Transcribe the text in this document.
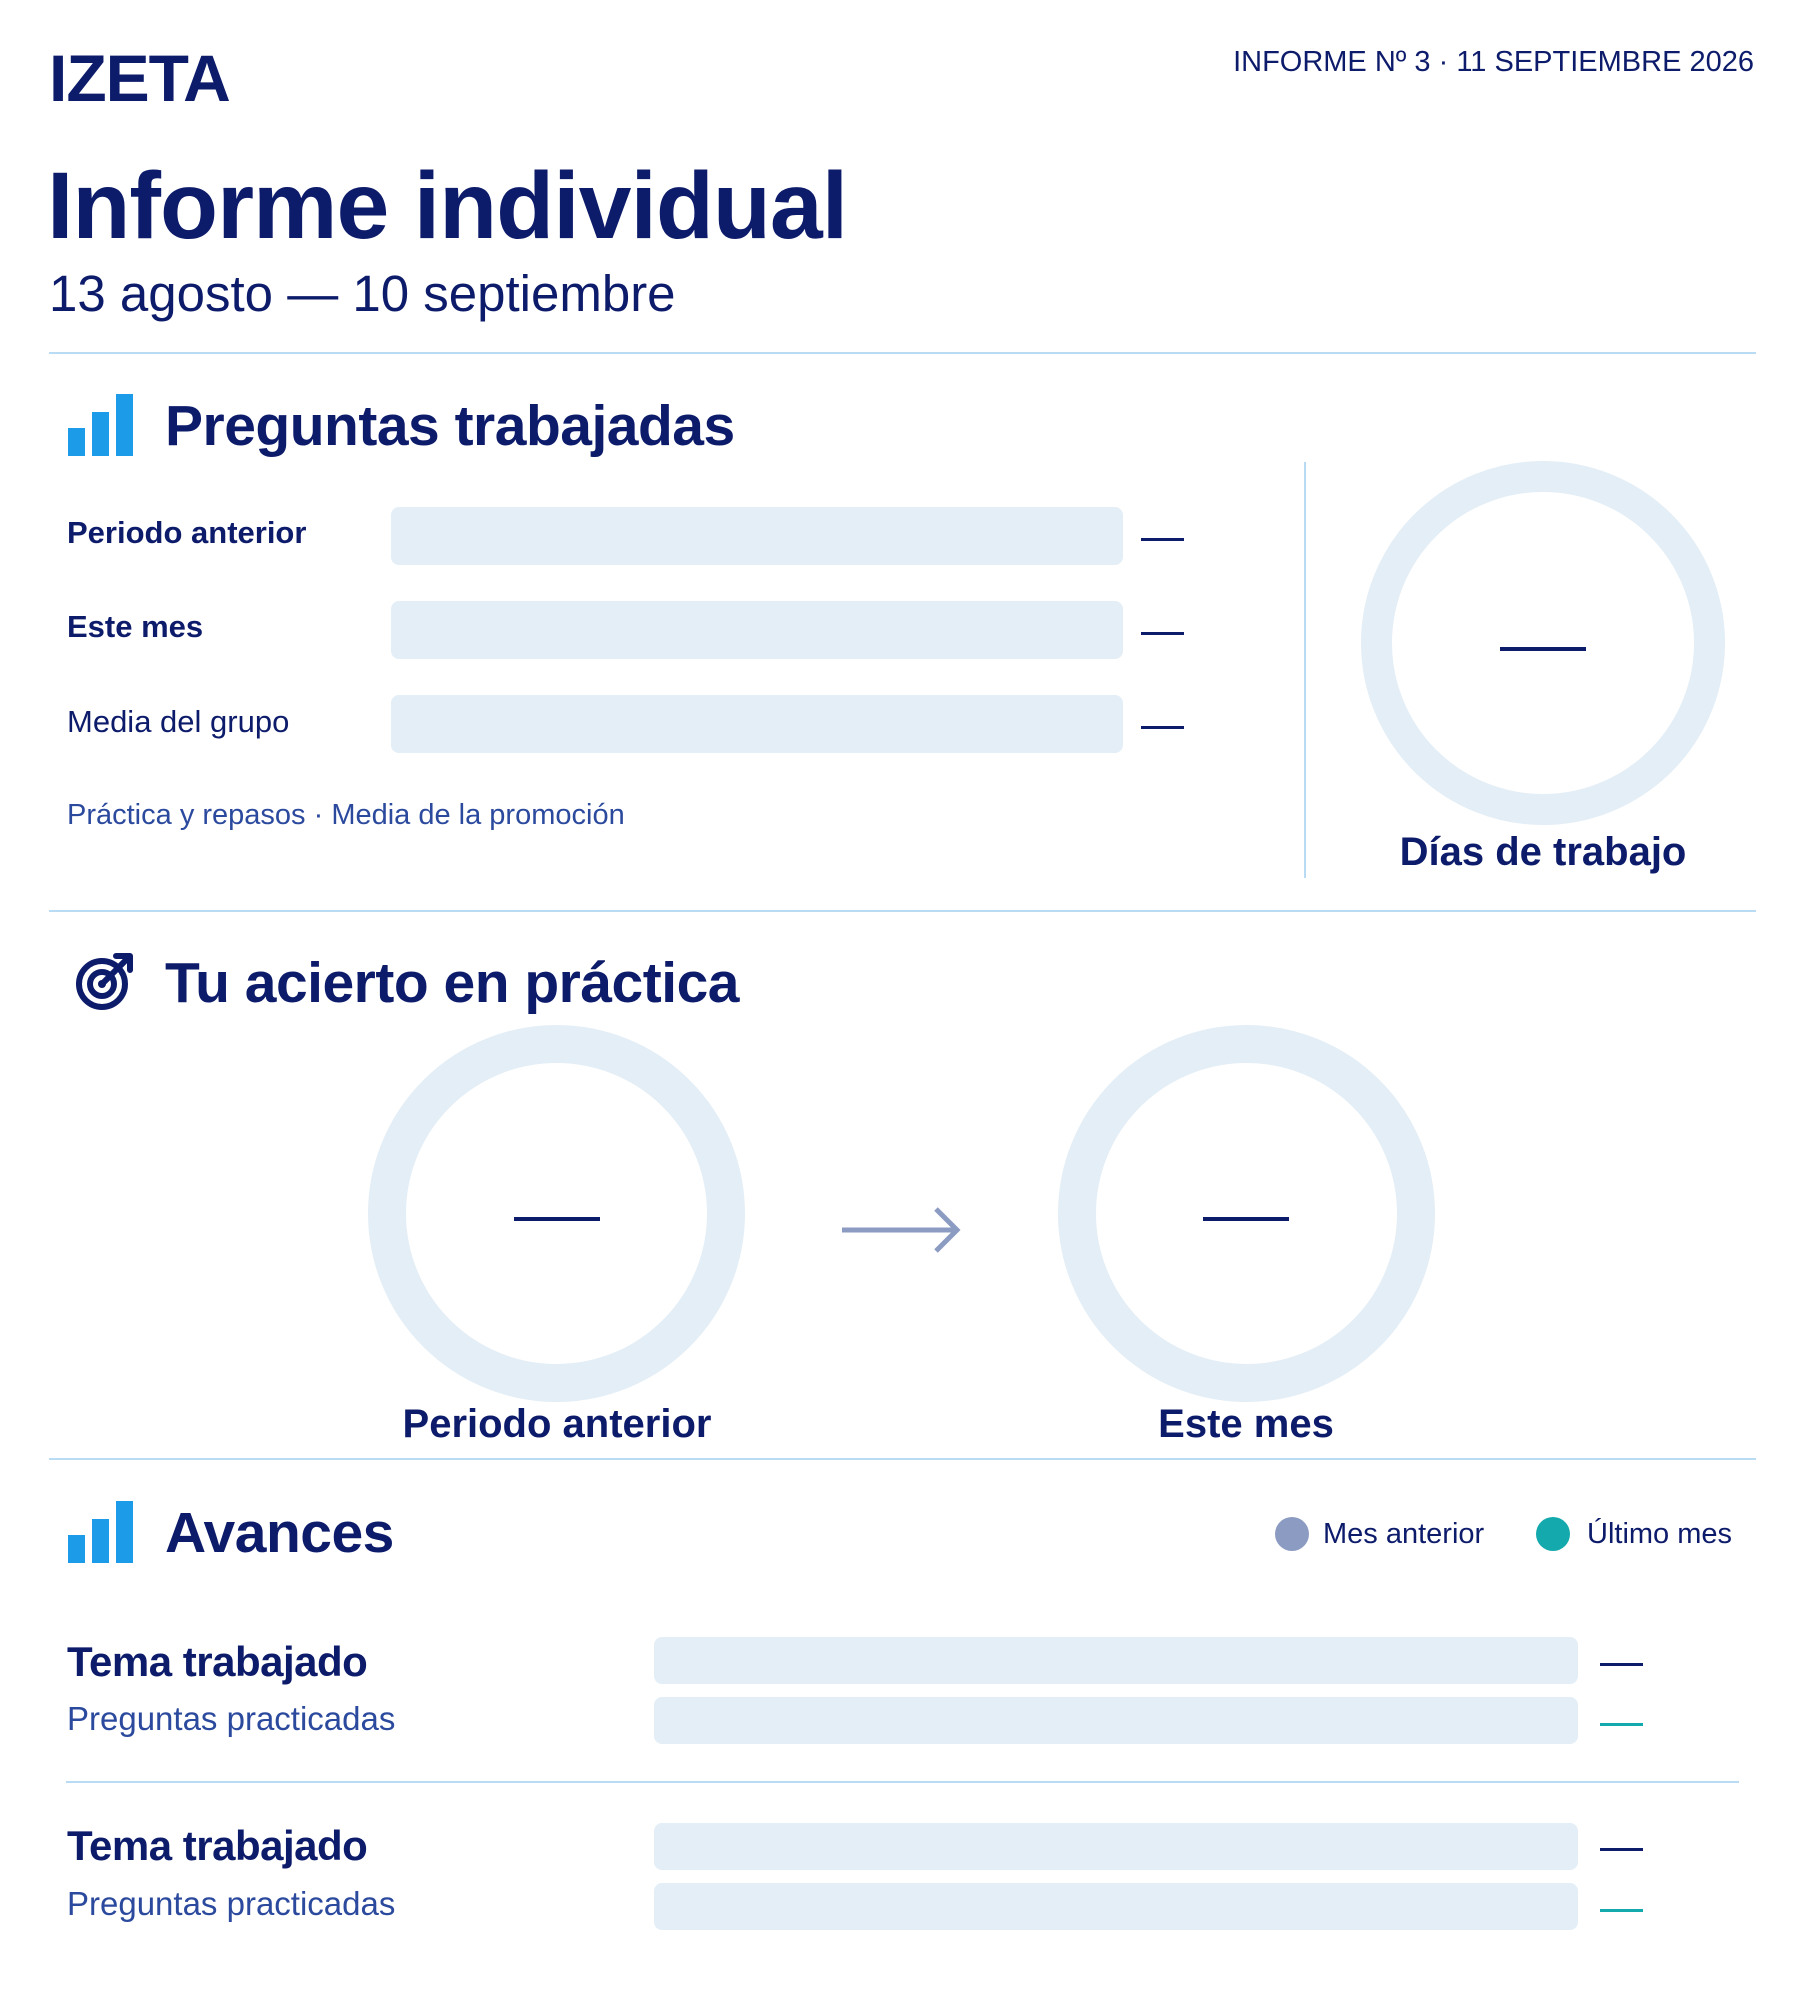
IZETA	INFORME Nº 3 · 11 SEPTIEMBRE 2026
Informe individual
13 agosto — 10 septiembre
Preguntas trabajadas
Periodo anterior
Este mes
Media del grupo
Práctica y repasos · Media de la promoción
Días de trabajo
Tu acierto en práctica
Periodo anterior	Este mes
Avances	Mes anterior	Último mes
Tema trabajado
Preguntas practicadas
Tema trabajado
Preguntas practicadas
